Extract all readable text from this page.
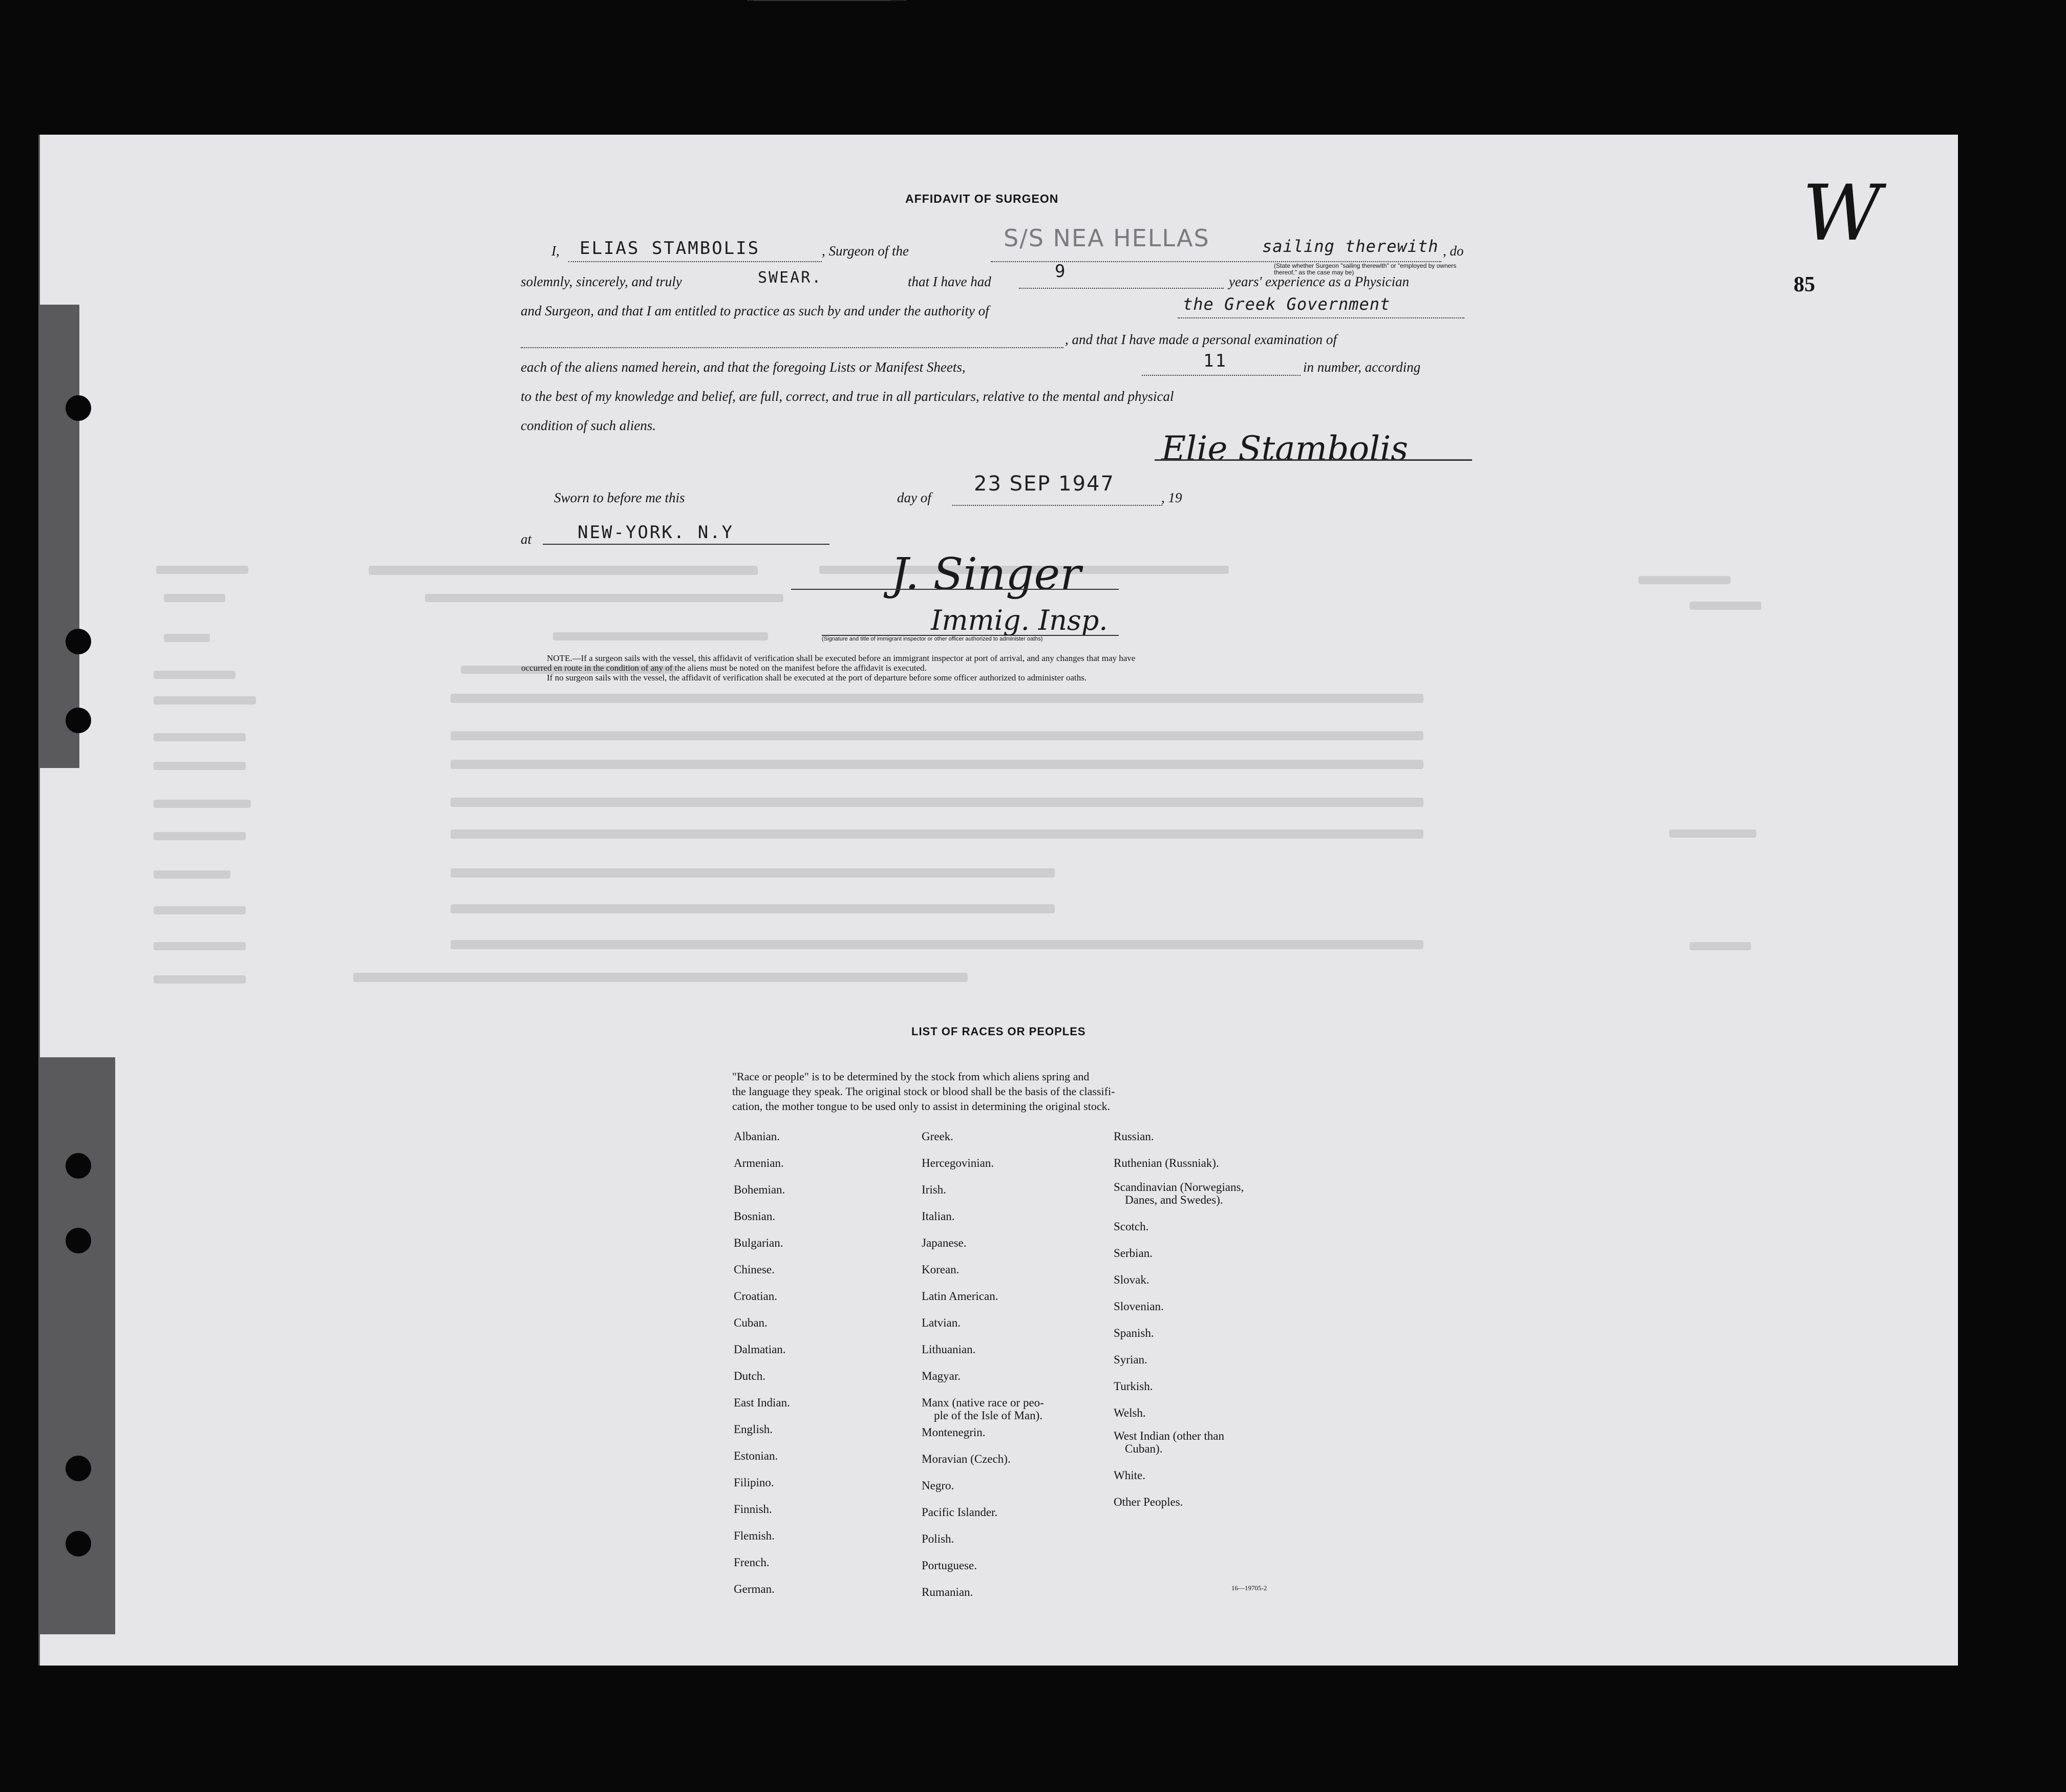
W
85
AFFIDAVIT OF SURGEON
I, ELIAS STAMBOLIS	, Surgeon of the	S/S NEA HELLAS	sailing therewith
(State whether Surgeon "sailing therewith" or "employed by owners thereof," as the case may be)
, do
solemnly, sincerely, and truly	SWEAR.	that I have had	9	years' experience as a Physician
and Surgeon, and that I am entitled to practice as such by and under the authority of	the Greek Government
, and that I have made a personal examination of
each of the aliens named herein, and that the foregoing Lists or Manifest Sheets,	11	in number, according
to the best of my knowledge and belief, are full, correct, and true in all particulars, relative to the mental and physical
condition of such aliens.
Elie Stambolis
Sworn to before me this	day of
23 SEP 1947
, 19
at	NEW-YORK. N.Y
J. Singer
Immig. Insp.
(Signature and title of immigrant inspector or other officer authorized to administer oaths)
NOTE.—If a surgeon sails with the vessel, this affidavit of verification shall be executed before an immigrant inspector at port of arrival, and any changes that may have
occurred en route in the condition of any of the aliens must be noted on the manifest before the affidavit is executed.
If no surgeon sails with the vessel, the affidavit of verification shall be executed at the port of departure before some officer authorized to administer oaths.
LIST OF RACES OR PEOPLES
"Race or people" is to be determined by the stock from which aliens spring and
the language they speak. The original stock or blood shall be the basis of the classifi-
cation, the mother tongue to be used only to assist in determining the original stock.
Albanian.
Armenian.
Bohemian.
Bosnian.
Bulgarian.
Chinese.
Croatian.
Cuban.
Dalmatian.
Dutch.
East Indian.
English.
Estonian.
Filipino.
Finnish.
Flemish.
French.
German.
Greek.
Hercegovinian.
Irish.
Italian.
Japanese.
Korean.
Latin American.
Latvian.
Lithuanian.
Magyar.
Manx (native race or peo-
ple of the Isle of Man).
Montenegrin.
Moravian (Czech).
Negro.
Pacific Islander.
Polish.
Portuguese.
Rumanian.
Russian.
Ruthenian (Russniak).
Scandinavian (Norwegians,
Danes, and Swedes).
Scotch.
Serbian.
Slovak.
Slovenian.
Spanish.
Syrian.
Turkish.
Welsh.
West Indian (other than
Cuban).
White.
Other Peoples.
16—19705-2
